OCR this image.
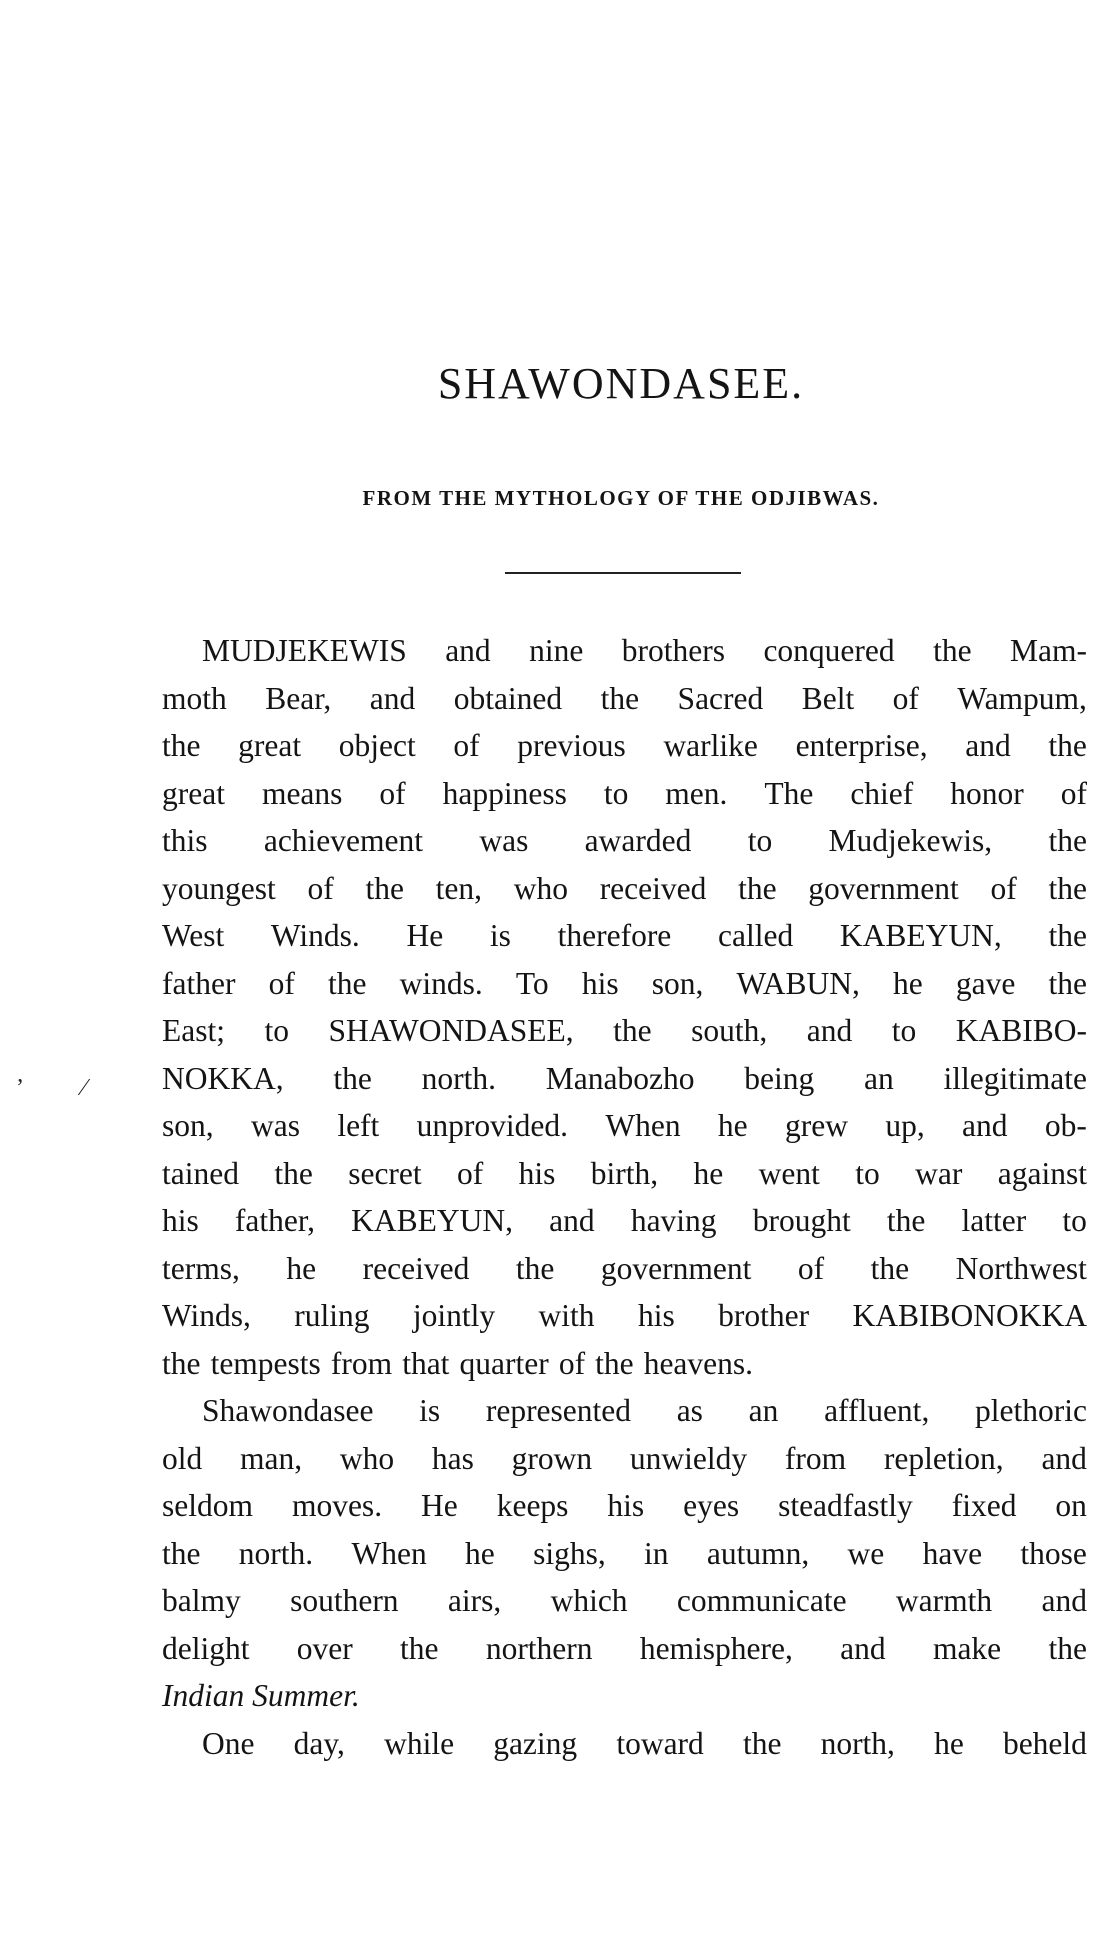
SHAWONDASEE.
FROM THE MYTHOLOGY OF THE ODJIBWAS.
MUDJEKEWIS and nine brothers conquered the Mam-
moth Bear, and obtained the Sacred Belt of Wampum,
the great object of previous warlike enterprise, and the
great means of happiness to men. The chief honor of
this achievement was awarded to Mudjekewis, the
youngest of the ten, who received the government of the
West Winds. He is therefore called KABEYUN, the
father of the winds. To his son, WABUN, he gave the
East; to SHAWONDASEE, the south, and to KABIBO-
NOKKA, the north. Manabozho being an illegitimate
son, was left unprovided. When he grew up, and ob-
tained the secret of his birth, he went to war against
his father, KABEYUN, and having brought the latter to
terms, he received the government of the Northwest
Winds, ruling jointly with his brother KABIBONOKKA
the tempests from that quarter of the heavens.
Shawondasee is represented as an affluent, plethoric
old man, who has grown unwieldy from repletion, and
seldom moves. He keeps his eyes steadfastly fixed on
the north. When he sighs, in autumn, we have those
balmy southern airs, which communicate warmth and
delight over the northern hemisphere, and make the
Indian Summer.
One day, while gazing toward the north, he beheld
’ ⁄
